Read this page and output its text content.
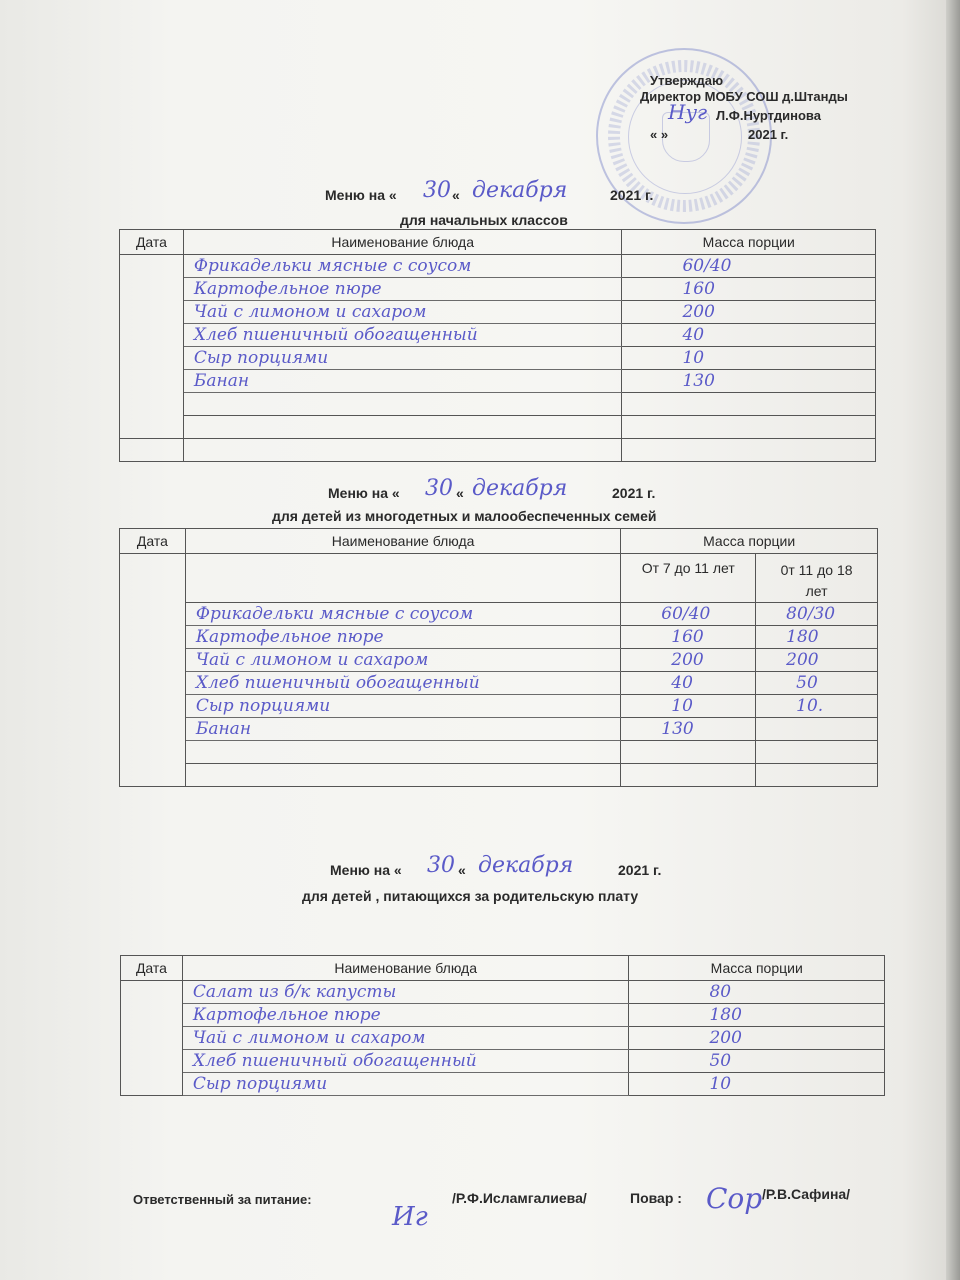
Утверждаю
Директор МОБУ СОШ д.Штанды
Нуг Л.Ф.Нуртдинова
« »	2021 г.
Меню на « 30 « декабря	2021 г.
для начальных классов
Дата	Наименование блюда	Масса порции
	Фрикадельки мясные с соусом	60/40
	Картофельное пюре	160
	Чай с лимоном и сахаром	200
	Хлеб пшеничный обогащенный	40
	Сыр порциями	10
	Банан	130

Меню на « 30 « декабря	2021 г.
для детей из многодетных и малообеспеченных семей
Дата	Наименование блюда	Масса порции	
		От 7 до 11 лет	0т 11 до 18
лет

	Фрикадельки мясные с соусом	60/40	80/30
	Картофельное пюре	160	180
	Чай с лимоном и сахаром	200	200
	Хлеб пшеничный обогащенный	40	50
	Сыр порциями	10	10.
	Банан	130	

Меню на « 30 « декабря	2021 г.
для детей , питающихся за родительскую плату
Дата	Наименование блюда	Масса порции
	Салат из б/к капусты	80
	Картофельное пюре	180
	Чай с лимоном и сахаром	200
	Хлеб пшеничный обогащенный	50
	Сыр порциями	10
Ответственный за питание:
Иг
/Р.Ф.Исламгалиева/	Повар : Сор /Р.В.Сафина/
